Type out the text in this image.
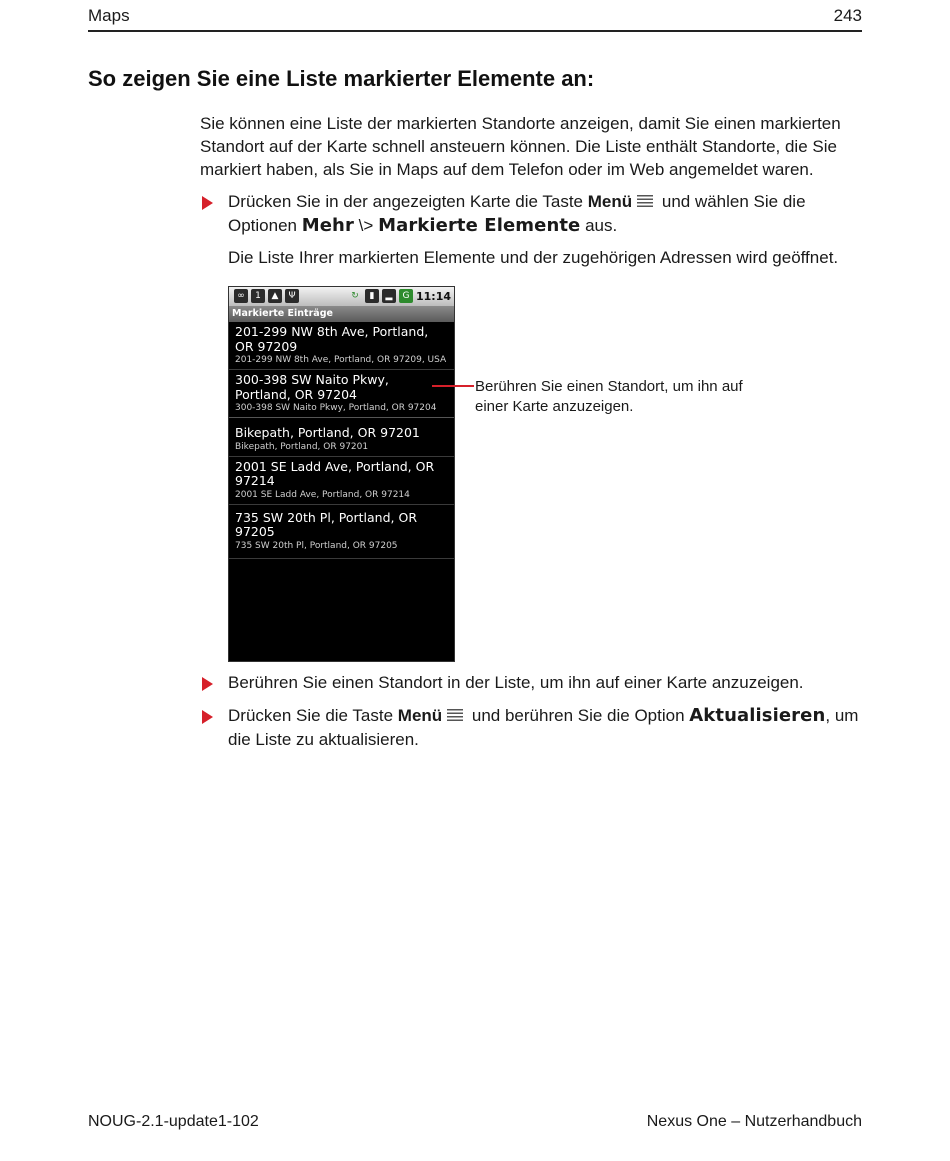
Maps	243
So zeigen Sie eine Liste markierter Elemente an:

Sie können eine Liste der markierten Standorte anzeigen, damit Sie einen markierten Standort auf der Karte schnell ansteuern können. Die Liste enthält Standorte, die Sie markiert haben, als Sie in Maps auf dem Telefon oder im Web angemeldet waren.

Drücken Sie in der angezeigten Karte die Taste Menü und wählen Sie die Optionen Mehr \> Markierte Elemente aus.

Die Liste Ihrer markierten Elemente und der zugehörigen Adressen wird geöffnet.

∞	1	▲	Ψ	↻	▮	▂	G 11:14
Markierte Einträge
201-299 NW 8th Ave, Portland, OR 97209
201-299 NW 8th Ave, Portland, OR 97209, USA
300-398 SW Naito Pkwy, Portland, OR 97204
300-398 SW Naito Pkwy, Portland, OR 97204
Bikepath, Portland, OR 97201
Bikepath, Portland, OR 97201
2001 SE Ladd Ave, Portland, OR 97214
2001 SE Ladd Ave, Portland, OR 97214
735 SW 20th Pl, Portland, OR 97205
735 SW 20th Pl, Portland, OR 97205

Berühren Sie einen Standort, um ihn auf einer Karte anzuzeigen.

Berühren Sie einen Standort in der Liste, um ihn auf einer Karte anzuzeigen.
Drücken Sie die Taste Menü und berühren Sie die Option Aktualisieren, um die Liste zu aktualisieren.
NOUG-2.1-update1-102	Nexus One – Nutzerhandbuch
